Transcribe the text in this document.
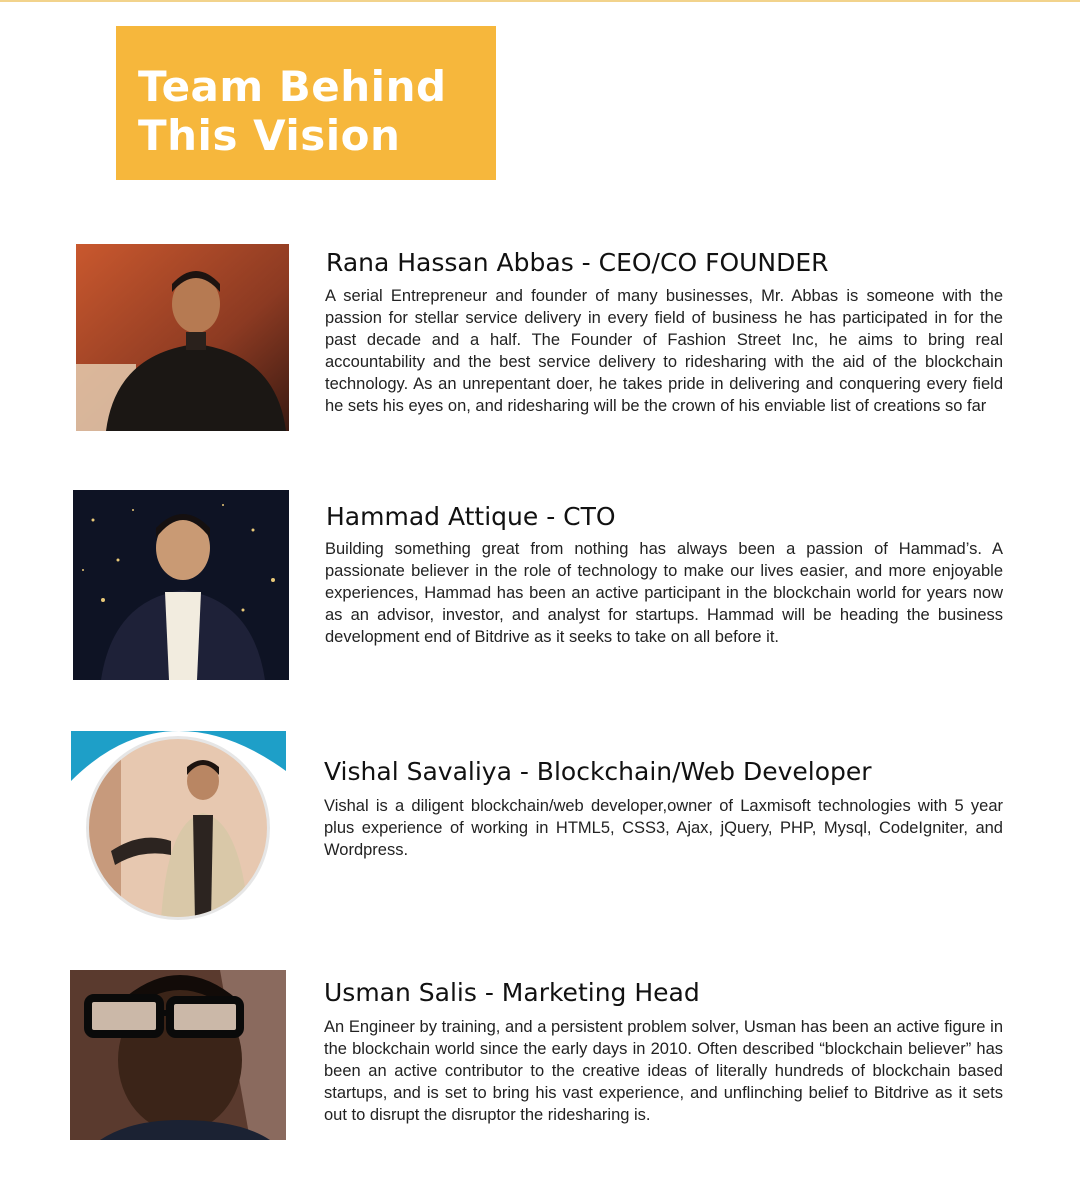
Team Behind
This Vision
Rana Hassan Abbas - CEO/CO FOUNDER

A serial Entrepreneur and founder of many businesses, Mr. Abbas is someone with the passion for stellar service delivery in every field of business he has participated in for the past decade and a half. The Founder of Fashion Street Inc, he aims to bring real accountability and the best service delivery to ridesharing with the aid of the blockchain technology. As an unrepentant doer, he takes pride in delivering and conquering every field he sets his eyes on, and ridesharing will be the crown of his enviable list of creations so far

Hammad Attique - CTO

Building something great from nothing has always been a passion of Hammad’s. A passionate believer in the role of technology to make our lives easier, and more enjoyable experiences, Hammad has been an active participant in the blockchain world for years now as an advisor, investor, and analyst for startups. Hammad will be heading the business development end of Bitdrive as it seeks to take on all before it.

Vishal Savaliya - Blockchain/Web Developer

Vishal is a diligent blockchain/web developer,owner of Laxmisoft technologies with 5 year plus experience of working in HTML5, CSS3, Ajax, jQuery, PHP, Mysql, CodeIgniter, and Wordpress.

Usman Salis - Marketing Head

An Engineer by training, and a persistent problem solver, Usman has been an active figure in the blockchain world since the early days in 2010. Often described “blockchain believer” has been an active contributor to the creative ideas of literally hundreds of blockchain based startups, and is set to bring his vast experience, and unflinching belief to Bitdrive as it sets out to disrupt the disruptor the ridesharing is.
